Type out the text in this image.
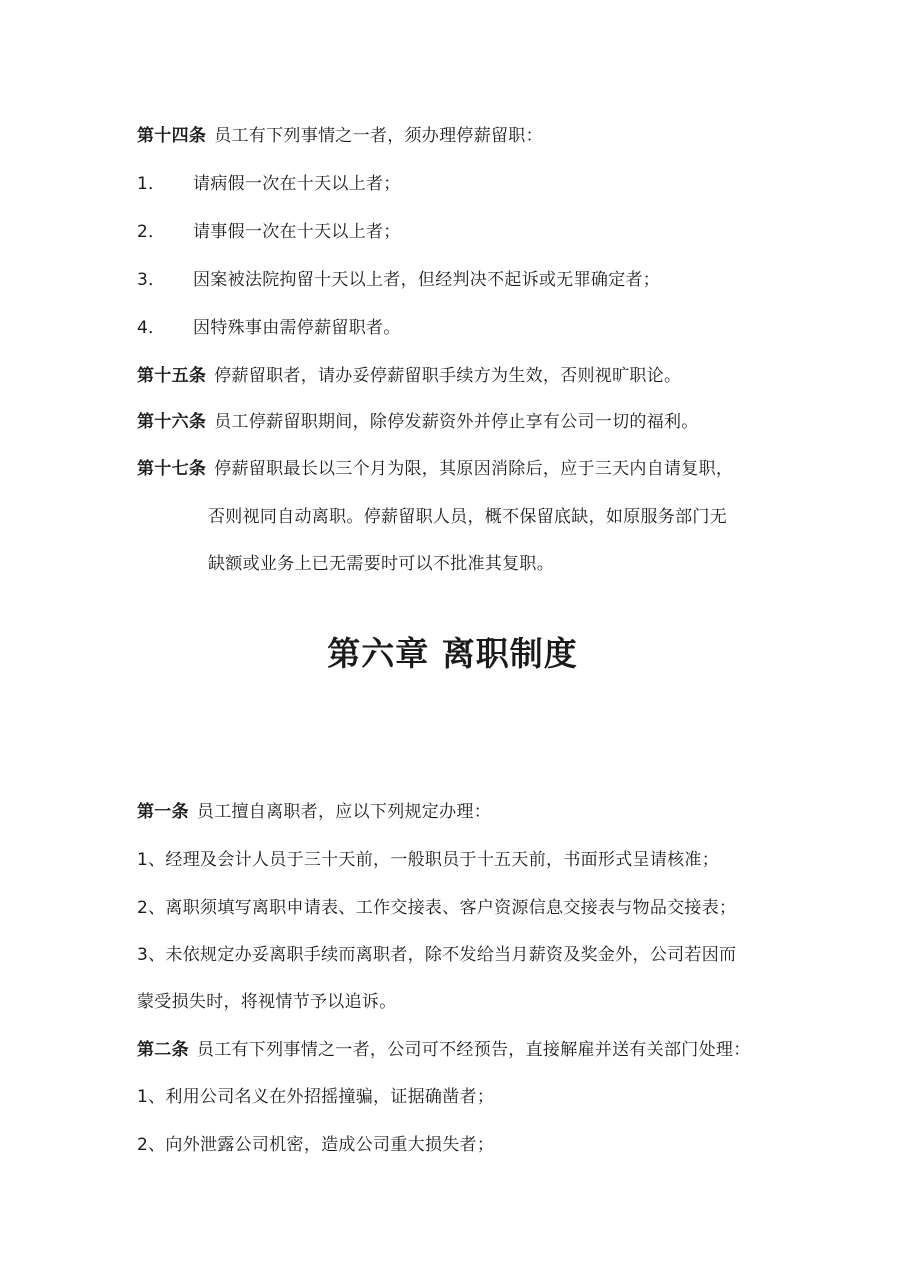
第十四条 员工有下列事情之一者，须办理停薪留职：
1． 请病假一次在十天以上者；
2． 请事假一次在十天以上者；
3． 因案被法院拘留十天以上者，但经判决不起诉或无罪确定者；
4． 因特殊事由需停薪留职者。
第十五条 停薪留职者，请办妥停薪留职手续方为生效，否则视旷职论。
第十六条 员工停薪留职期间，除停发薪资外并停止享有公司一切的福利。
第十七条 停薪留职最长以三个月为限，其原因消除后，应于三天内自请复职，
否则视同自动离职。停薪留职人员，概不保留底缺，如原服务部门无
缺额或业务上已无需要时可以不批准其复职。
第六章 离职制度
第一条 员工擅自离职者，应以下列规定办理：
1、经理及会计人员于三十天前，一般职员于十五天前，书面形式呈请核准；
2、离职须填写离职申请表、工作交接表、客户资源信息交接表与物品交接表；
3、未依规定办妥离职手续而离职者，除不发给当月薪资及奖金外，公司若因而
蒙受损失时，将视情节予以追诉。
第二条 员工有下列事情之一者，公司可不经预告，直接解雇并送有关部门处理：
1、利用公司名义在外招摇撞骗，证据确凿者；
2、向外泄露公司机密，造成公司重大损失者；
